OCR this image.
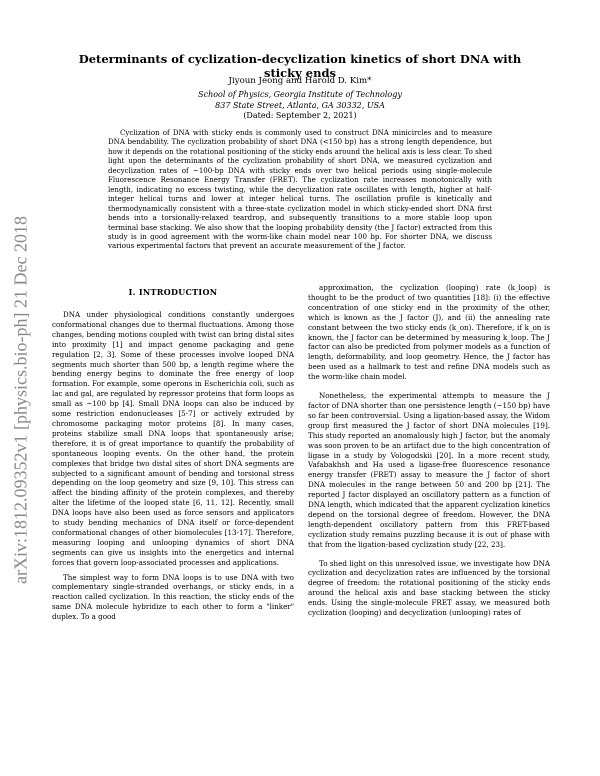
arXiv:1812.09352v1 [physics.bio-ph] 21 Dec 2018
Determinants of cyclization-decyclization kinetics of short DNA with sticky ends
Jiyoun Jeong and Harold D. Kim*
School of Physics, Georgia Institute of Technology
837 State Street, Atlanta, GA 30332, USA
(Dated: September 2, 2021)
Cyclization of DNA with sticky ends is commonly used to construct DNA minicircles and to measure DNA bendability. The cyclization probability of short DNA (<150 bp) has a strong length dependence, but how it depends on the rotational positioning of the sticky ends around the helical axis is less clear. To shed light upon the determinants of the cyclization probability of short DNA, we measured cyclization and decyclization rates of ~100-bp DNA with sticky ends over two helical periods using single-molecule Fluorescence Resonance Energy Transfer (FRET). The cyclization rate increases monotonically with length, indicating no excess twisting, while the decyclization rate oscillates with length, higher at half-integer helical turns and lower at integer helical turns. The oscillation profile is kinetically and thermodynamically consistent with a three-state cyclization model in which sticky-ended short DNA first bends into a torsionally-relaxed teardrop, and subsequently transitions to a more stable loop upon terminal base stacking. We also show that the looping probability density (the J factor) extracted from this study is in good agreement with the worm-like chain model near 100 bp. For shorter DNA, we discuss various experimental factors that prevent an accurate measurement of the J factor.
I. INTRODUCTION

DNA under physiological conditions constantly undergoes conformational changes due to thermal fluctuations. Among those changes, bending motions coupled with twist can bring distal sites into proximity [1] and impact genome packaging and gene regulation [2, 3]. Some of these processes involve looped DNA segments much shorter than 500 bp, a length regime where the bending energy begins to dominate the free energy of loop formation. For example, some operons in Escherichia coli, such as lac and gal, are regulated by repressor proteins that form loops as small as ~100 bp [4]. Small DNA loops can also be induced by some restriction endonucleases [5-7] or actively extruded by chromosome packaging motor proteins [8]. In many cases, proteins stabilize small DNA loops that spontaneously arise; therefore, it is of great importance to quantify the probability of spontaneous looping events. On the other hand, the protein complexes that bridge two distal sites of short DNA segments are subjected to a significant amount of bending and torsional stress depending on the loop geometry and size [9, 10]. This stress can affect the binding affinity of the protein complexes, and thereby alter the lifetime of the looped state [6, 11, 12]. Recently, small DNA loops have also been used as force sensors and applicators to study bending mechanics of DNA itself or force-dependent conformational changes of other biomolecules [13-17]. Therefore, measuring looping and unlooping dynamics of short DNA segments can give us insights into the energetics and internal forces that govern loop-associated processes and applications.

The simplest way to form DNA loops is to use DNA with two complementary single-stranded overhangs, or sticky ends, in a reaction called cyclization. In this reaction, the sticky ends of the same DNA molecule hybridize to each other to form a "linker" duplex. To a good

approximation, the cyclization (looping) rate (k_loop) is thought to be the product of two quantities [18]: (i) the effective concentration of one sticky end in the proximity of the other, which is known as the J factor (J), and (ii) the annealing rate constant between the two sticky ends (k_on). Therefore, if k_on is known, the J factor can be determined by measuring k_loop. The J factor can also be predicted from polymer models as a function of length, deformability, and loop geometry. Hence, the J factor has been used as a hallmark to test and refine DNA models such as the worm-like chain model.

Nonetheless, the experimental attempts to measure the J factor of DNA shorter than one persistence length (~150 bp) have so far been controversial. Using a ligation-based assay, the Widom group first measured the J factor of short DNA molecules [19]. This study reported an anomalously high J factor, but the anomaly was soon proven to be an artifact due to the high concentration of ligase in a study by Vologodskii [20]. In a more recent study, Vafabakhsh and Ha used a ligase-free fluorescence resonance energy transfer (FRET) assay to measure the J factor of short DNA molecules in the range between 50 and 200 bp [21]. The reported J factor displayed an oscillatory pattern as a function of DNA length, which indicated that the apparent cyclization kinetics depend on the torsional degree of freedom. However, the DNA length-dependent oscillatory pattern from this FRET-based cyclization study remains puzzling because it is out of phase with that from the ligation-based cyclization study [22, 23].

To shed light on this unresolved issue, we investigate how DNA cyclization and decyclization rates are influenced by the torsional degree of freedom: the rotational positioning of the sticky ends around the helical axis and base stacking between the sticky ends. Using the single-molecule FRET assay, we measured both cyclization (looping) and decyclization (unlooping) rates of
